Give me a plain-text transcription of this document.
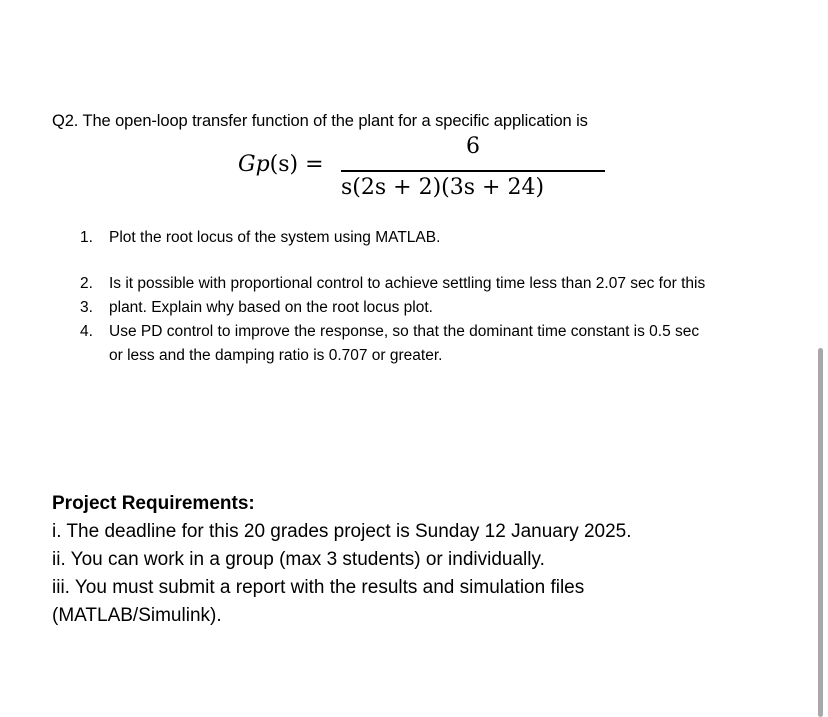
Q2. The open-loop transfer function of the plant for a specific application is
Gp(s) =
6
s(2s + 2)(3s + 24)
1. Plot the root locus of the system using MATLAB.
2. Is it possible with proportional control to achieve settling time less than 2.07 sec for this
3. plant. Explain why based on the root locus plot.
4. Use PD control to improve the response, so that the dominant time constant is 0.5 sec
or less and the damping ratio is 0.707 or greater.
Project Requirements:
i. The deadline for this 20 grades project is Sunday 12 January 2025.
ii. You can work in a group (max 3 students) or individually.
iii. You must submit a report with the results and simulation files
(MATLAB/Simulink).
